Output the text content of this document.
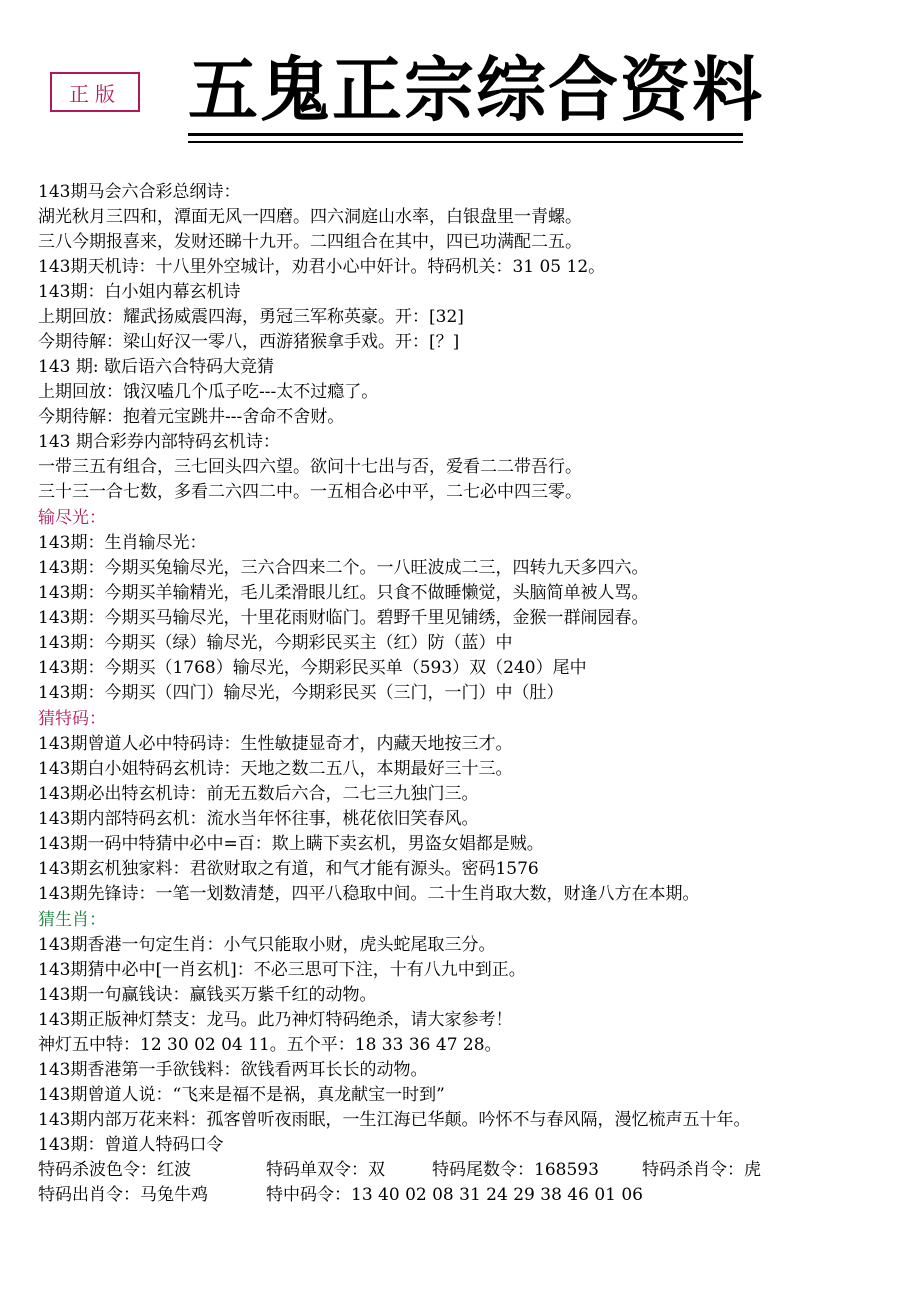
正版 五鬼正宗综合资料
143期马会六合彩总纲诗：
湖光秋月三四和，潭面无风一四磨。四六洞庭山水率，白银盘里一青螺。
三八今期报喜来，发财还睇十九开。二四组合在其中，四已功满配二五。
143期天机诗：十八里外空城计，劝君小心中奸计。特码机关：31 05 12。
143期：白小姐内幕玄机诗
上期回放：耀武扬威震四海，勇冠三军称英豪。开：[32]
今期待解：梁山好汉一零八，西游猪猴拿手戏。开：[？]
143 期: 歇后语六合特码大竞猜
上期回放：饿汉嗑几个瓜子吃---太不过瘾了。
今期待解：抱着元宝跳井---舍命不舍财。
143 期合彩券内部特码玄机诗：
一带三五有组合，三七回头四六望。欲问十七出与否，爱看二二带吾行。
三十三一合七数，多看二六四二中。一五相合必中平，二七必中四三零。
输尽光：
143期：生肖输尽光：
143期：今期买兔输尽光，三六合四来二个。一八旺波成二三，四转九天多四六。
143期：今期买羊输精光，毛儿柔滑眼儿红。只食不做睡懒觉，头脑简单被人骂。
143期：今期买马输尽光，十里花雨财临门。碧野千里见铺绣，金猴一群闹园春。
143期：今期买（绿）输尽光，今期彩民买主（红）防（蓝）中
143期：今期买（1768）输尽光，今期彩民买单（593）双（240）尾中
143期：今期买（四门）输尽光，今期彩民买（三门，一门）中（肚）
猜特码：
143期曾道人必中特码诗：生性敏捷显奇才，内藏天地按三才。
143期白小姐特码玄机诗：天地之数二五八，本期最好三十三。
143期必出特玄机诗：前无五数后六合，二七三九独门三。
143期内部特码玄机：流水当年怀往事，桃花依旧笑春风。
143期一码中特猜中必中=百：欺上瞒下卖玄机，男盗女娼都是贼。
143期玄机独家料：君欲财取之有道，和气才能有源头。密码1576
143期先锋诗：一笔一划数清楚，四平八稳取中间。二十生肖取大数，财逢八方在本期。
猜生肖：
143期香港一句定生肖：小气只能取小财，虎头蛇尾取三分。
143期猜中必中[一肖玄机]：不必三思可下注，十有八九中到正。
143期一句赢钱诀：赢钱买万紫千红的动物。
143期正版神灯禁支：龙马。此乃神灯特码绝杀，请大家参考！
神灯五中特：12 30 02 04 11。五个平：18 33 36 47 28。
143期香港第一手欲钱料：欲钱看两耳长长的动物。
143期曾道人说：“飞来是福不是祸，真龙献宝一时到”
143期内部万花来料：孤客曾听夜雨眠，一生江海已华颠。吟怀不与春风隔，漫忆梳声五十年。
143期：曾道人特码口令
特码杀波色令：红波	特码单双令：双	特码尾数令：168593	特码杀肖令：虎
特码出肖令：马兔牛鸡	特中码令：13 40 02 08 31 24 29 38 46 01 06
